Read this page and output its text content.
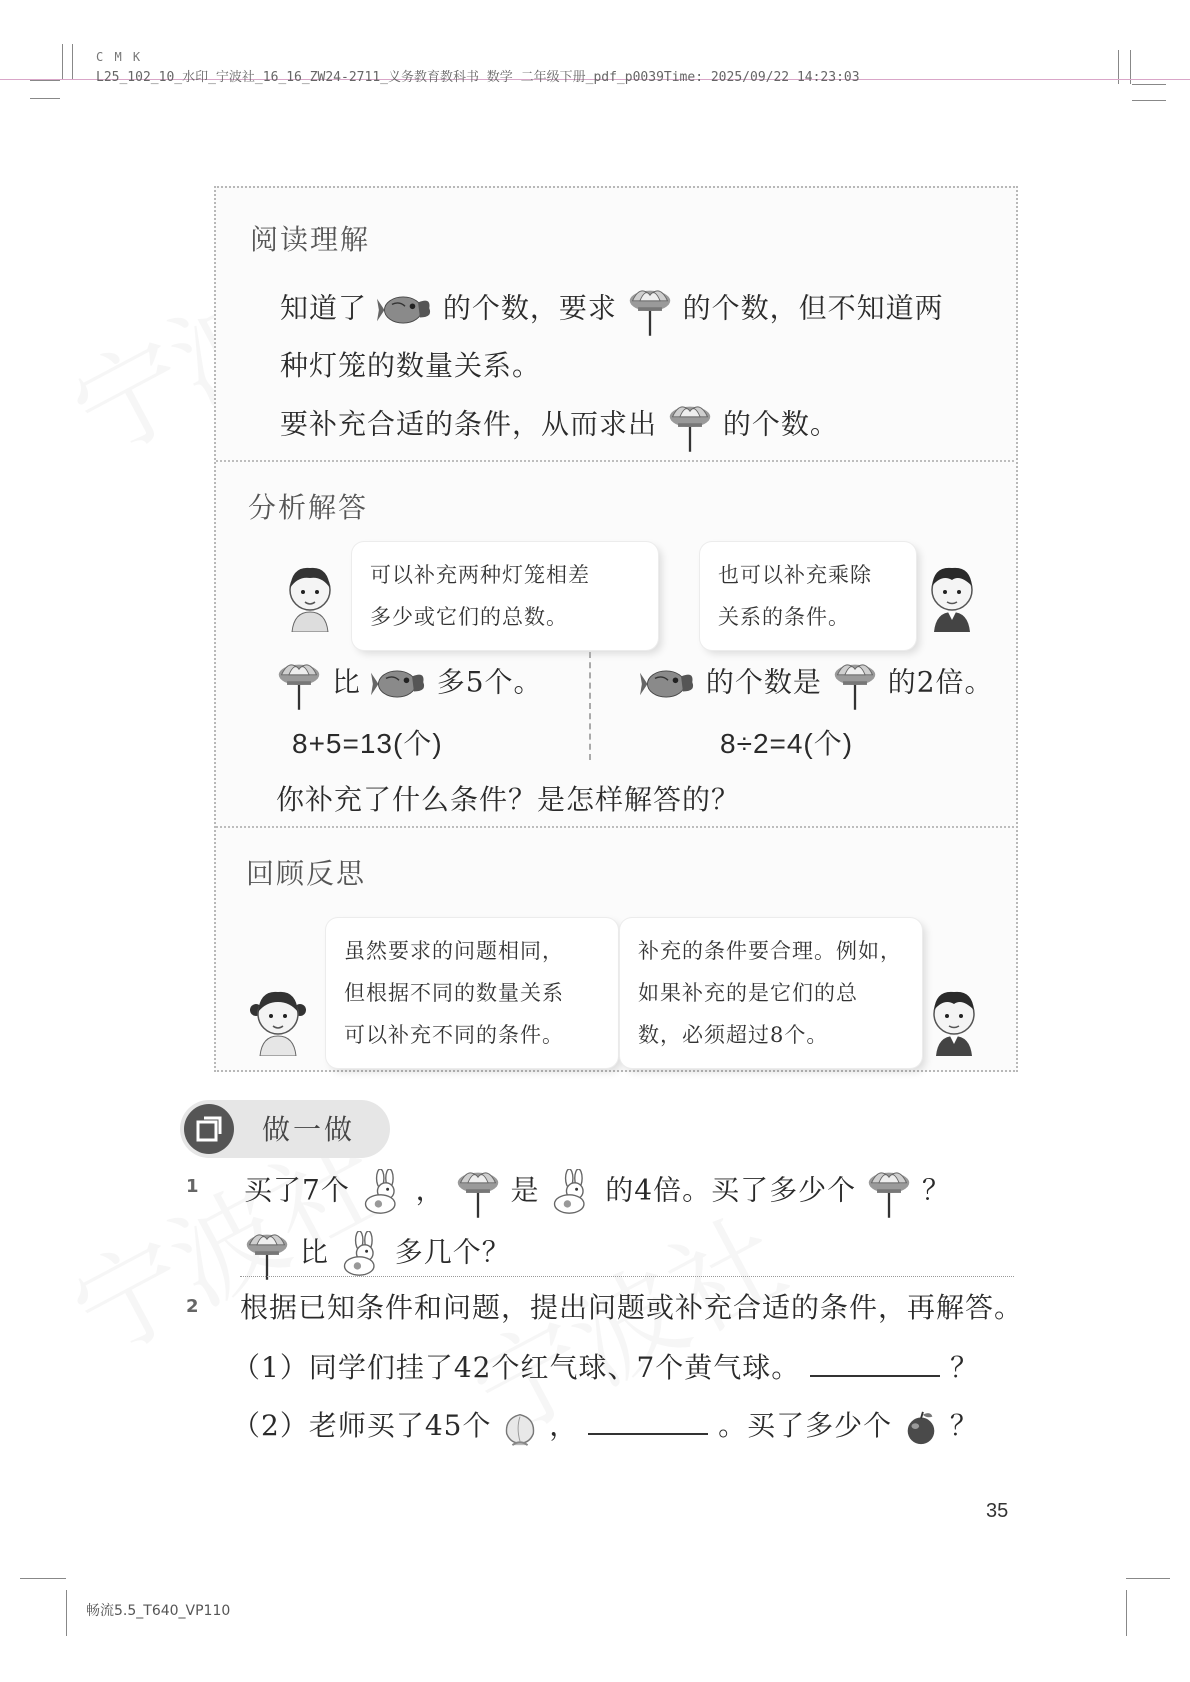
C M K
L25_102_10_水印_宁波社_16_16_ZW24-2711_义务教育教科书 数学 二年级下册_pdf_p0039Time: 2025/09/22 14:23:03
阅读理解
知道了	的个数，要求 的个数，但不知道两
种灯笼的数量关系。
要补充合适的条件，从而求出 的个数。
分析解答
可以补充两种灯笼相差
多少或它们的总数。
也可以补充乘除
关系的条件。
比	多5个。
8+5=13(个)
的个数是 的2倍。
8÷2=4(个)
你补充了什么条件？是怎样解答的？
回顾反思
虽然要求的问题相同，
但根据不同的数量关系
可以补充不同的条件。
补充的条件要合理。例如，
如果补充的是它们的总
数，必须超过8个。
做一做
1 买了7个 ， 是 的4倍。买了多少个 ？
比 多几个？
2 根据已知条件和问题，提出问题或补充合适的条件，再解答。
（1）同学们挂了42个红气球、7个黄气球。	？
（2）老师买了45个 ，	。买了多少个 ？
35
畅流5.5_T640_VP110
